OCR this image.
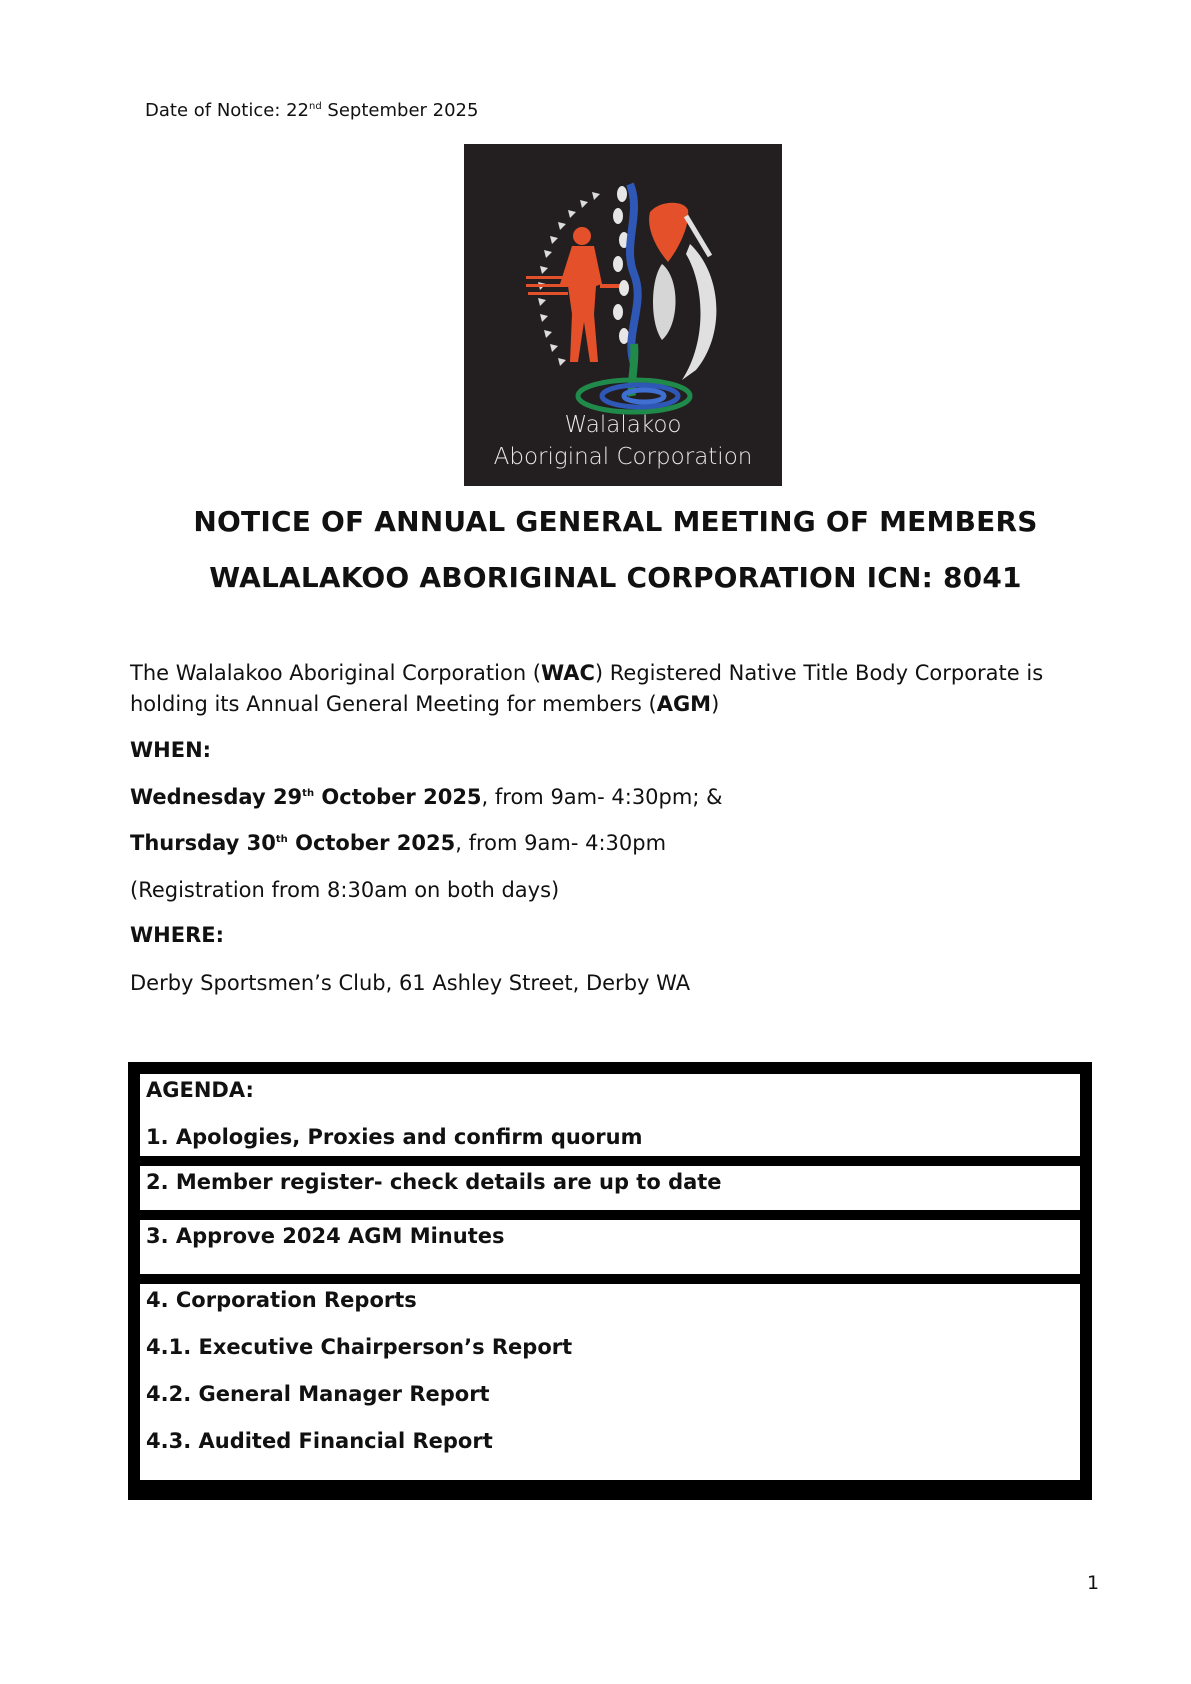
Date of Notice: 22nd September 2025
Walalakoo
Aboriginal Corporation
NOTICE OF ANNUAL GENERAL MEETING OF MEMBERS
WALALAKOO ABORIGINAL CORPORATION ICN: 8041
The Walalakoo Aboriginal Corporation (WAC) Registered Native Title Body Corporate is holding its Annual General Meeting for members (AGM)
WHEN:
Wednesday 29th October 2025, from 9am- 4:30pm; &
Thursday 30th October 2025, from 9am- 4:30pm
(Registration from 8:30am on both days)
WHERE:
Derby Sportsmen’s Club, 61 Ashley Street, Derby WA
AGENDA:
1. Apologies, Proxies and confirm quorum
2. Member register- check details are up to date
3. Approve 2024 AGM Minutes
4. Corporation Reports
4.1. Executive Chairperson’s Report
4.2. General Manager Report
4.3. Audited Financial Report
1
